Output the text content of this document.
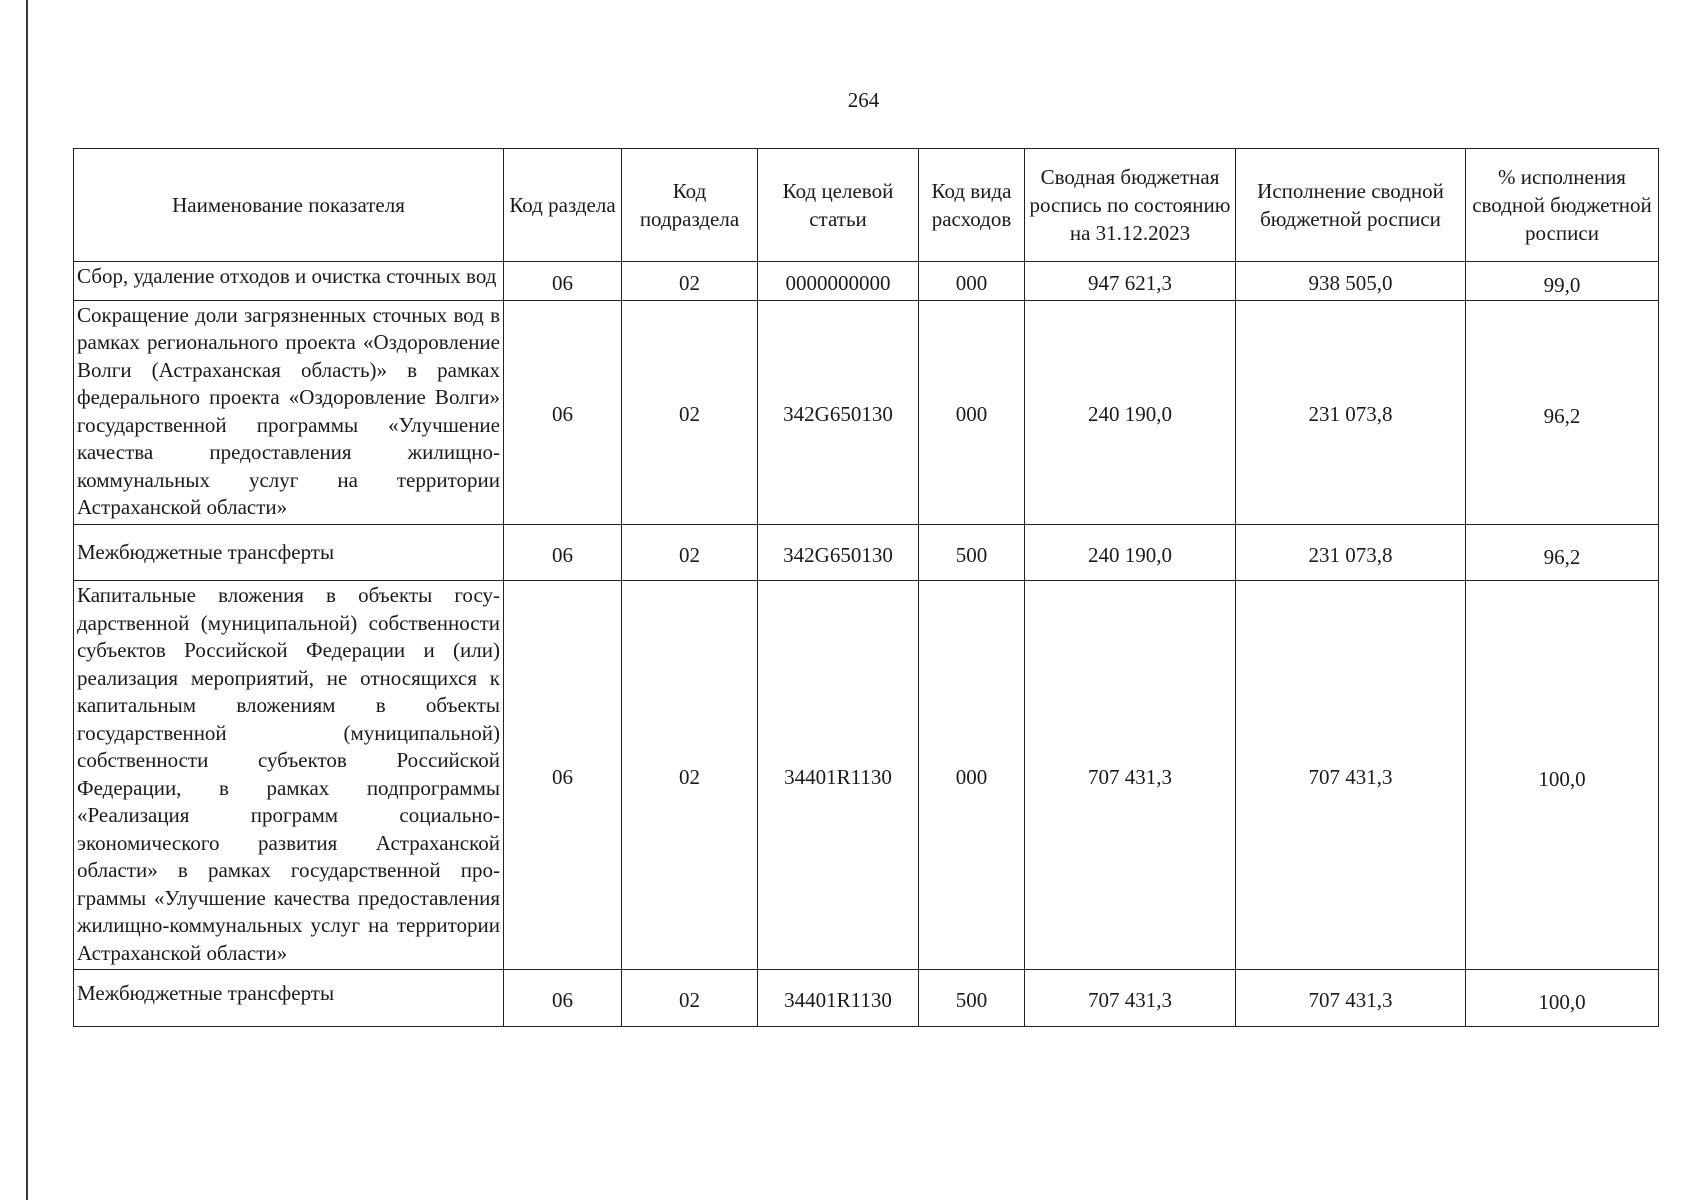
264
Наименование показателя	Код раздела	Код подраздела	Код целевой статьи	Код вида расходов	Сводная бюджетная роспись по состоянию на 31.12.2023	Исполнение сводной бюджетной росписи	% исполнения сводной бюджетной росписи
Сбор, удаление отходов и очистка сточных вод	06	02	0000000000	000	947 621,3	938 505,0	99,0
Сокращение доли загрязненных сточных вод в рамках регионального проекта «Оздоровление Волги (Астраханская область)» в рамках федерального проекта «Оздоровление Волги» государственной программы «Улучшение качества предоставления жилищно-коммунальных услуг на территории Астраханской области»	06	02	342G650130	000	240 190,0	231 073,8	96,2
Межбюджетные трансферты	06	02	342G650130	500	240 190,0	231 073,8	96,2
Капитальные вложения в объекты государственной (муниципальной) собственности субъектов Российской Федерации и (или) реализация мероприятий, не относящихся к капитальным вложениям в объекты государственной (муниципальной) собственности субъектов Российской Федерации, в рамках подпрограммы «Реализация программ социально-экономического развития Астраханской области» в рамках государственной программы «Улучшение качества предоставления жилищно-коммунальных услуг на территории Астраханской области»	06	02	34401R1130	000	707 431,3	707 431,3	100,0
Межбюджетные трансферты	06	02	34401R1130	500	707 431,3	707 431,3	100,0
